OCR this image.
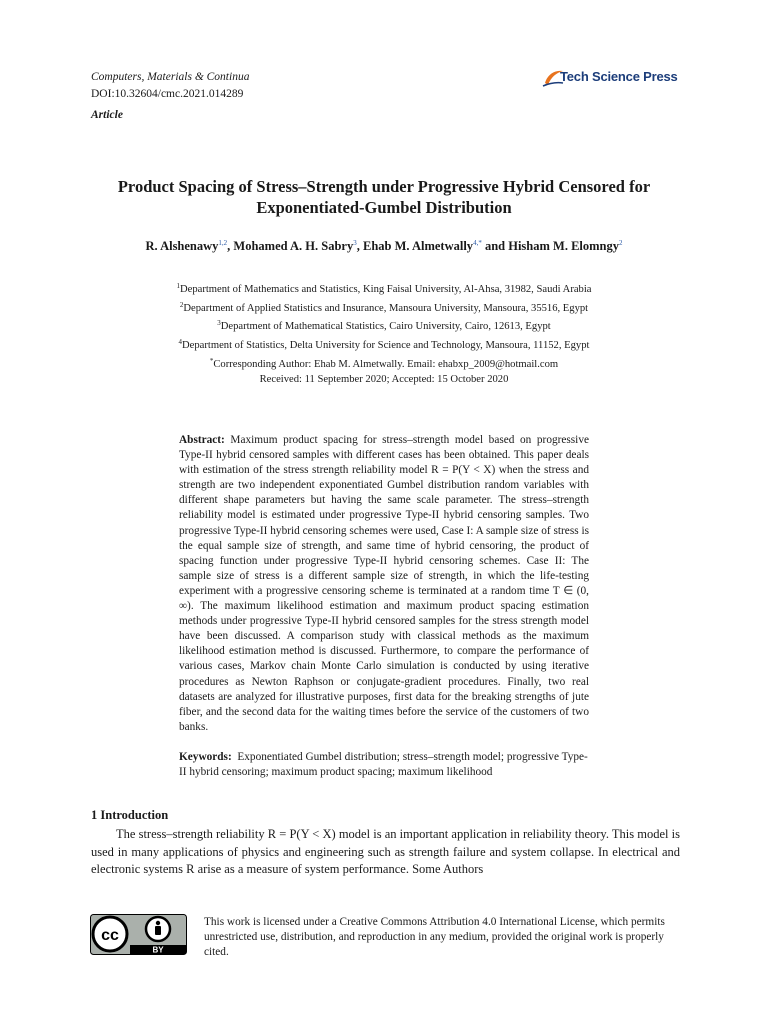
Computers, Materials & Continua
DOI:10.32604/cmc.2021.014289
Article
Tech Science Press
Product Spacing of Stress–Strength under Progressive Hybrid Censored for
Exponentiated-Gumbel Distribution
R. Alshenawy$^{1,2}$, Mohamed A. H. Sabry$^3$, Ehab M. Almetwally$^{4,*}$ and Hisham M. Elomngy$^2$
$^1$Department of Mathematics and Statistics, King Faisal University, Al-Ahsa, 31982, Saudi Arabia
$^2$Department of Applied Statistics and Insurance, Mansoura University, Mansoura, 35516, Egypt
$^3$Department of Mathematical Statistics, Cairo University, Cairo, 12613, Egypt
$^4$Department of Statistics, Delta University for Science and Technology, Mansoura, 11152, Egypt
*Corresponding Author: Ehab M. Almetwally. Email: ehabxp_2009@hotmail.com
Received: 11 September 2020; Accepted: 15 October 2020
Abstract: Maximum product spacing for stress–strength model based on progressive Type-II hybrid censored samples with different cases has been obtained. This paper deals with estimation of the stress strength reliability model R = P(Y < X) when the stress and strength are two independent exponentiated Gumbel distribution random variables with different shape parameters but having the same scale parameter. The stress–strength reliability model is estimated under progressive Type-II hybrid censoring samples. Two progressive Type-II hybrid censoring schemes were used, Case I: A sample size of stress is the equal sample size of strength, and same time of hybrid censoring, the product of spacing function under progressive Type-II hybrid censoring schemes. Case II: The sample size of stress is a different sample size of strength, in which the life-testing experiment with a progressive censoring scheme is terminated at a random time T ∈ (0, ∞). The maximum likelihood estimation and maximum product spacing estimation methods under progressive Type-II hybrid censored samples for the stress strength model have been discussed. A comparison study with classical methods as the maximum likelihood estimation method is discussed. Furthermore, to compare the performance of various cases, Markov chain Monte Carlo simulation is conducted by using iterative procedures as Newton Raphson or conjugate-gradient procedures. Finally, two real datasets are analyzed for illustrative purposes, first data for the breaking strengths of jute fiber, and the second data for the waiting times before the service of the customers of two banks.
Keywords: Exponentiated Gumbel distribution; stress–strength model; progressive Type-II hybrid censoring; maximum product spacing; maximum likelihood
1 Introduction
The stress–strength reliability R = P(Y < X) model is an important application in reliability theory. This model is used in many applications of physics and engineering such as strength failure and system collapse. In electrical and electronic systems R arise as a measure of system performance. Some Authors
cc
BY
This work is licensed under a Creative Commons Attribution 4.0 International License, which permits unrestricted use, distribution, and reproduction in any medium, provided the original work is properly cited.
